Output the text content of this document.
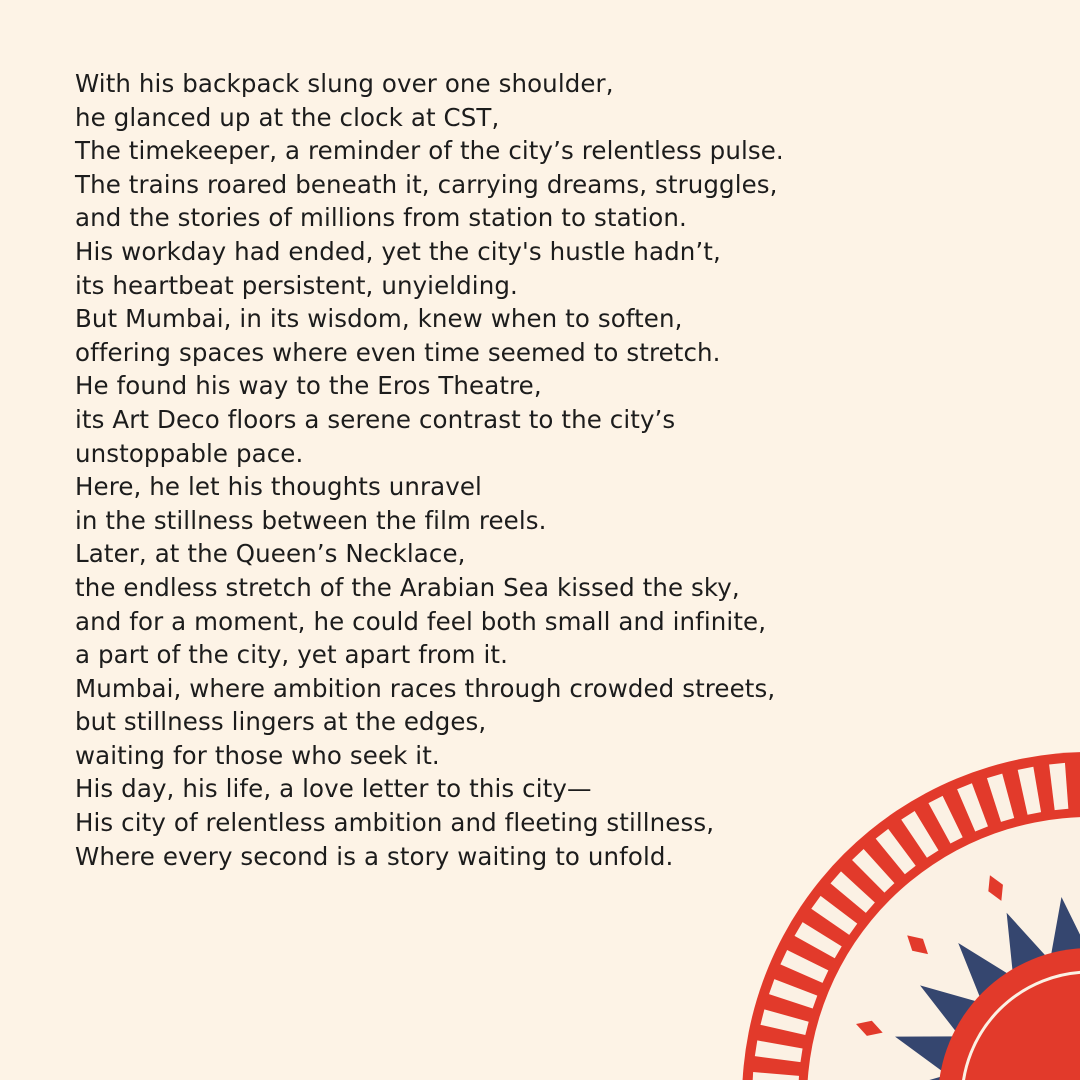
With his backpack slung over one shoulder,
he glanced up at the clock at CST,
The timekeeper, a reminder of the city’s relentless pulse.
The trains roared beneath it, carrying dreams, struggles,
and the stories of millions from station to station.
His workday had ended, yet the city's hustle hadn’t,
its heartbeat persistent, unyielding.
But Mumbai, in its wisdom, knew when to soften,
offering spaces where even time seemed to stretch.
He found his way to the Eros Theatre,
its Art Deco floors a serene contrast to the city’s
unstoppable pace.
Here, he let his thoughts unravel
in the stillness between the film reels.
Later, at the Queen’s Necklace,
the endless stretch of the Arabian Sea kissed the sky,
and for a moment, he could feel both small and infinite,
a part of the city, yet apart from it.
Mumbai, where ambition races through crowded streets,
but stillness lingers at the edges,
waiting for those who seek it.
His day, his life, a love letter to this city—
His city of relentless ambition and fleeting stillness,
Where every second is a story waiting to unfold.
